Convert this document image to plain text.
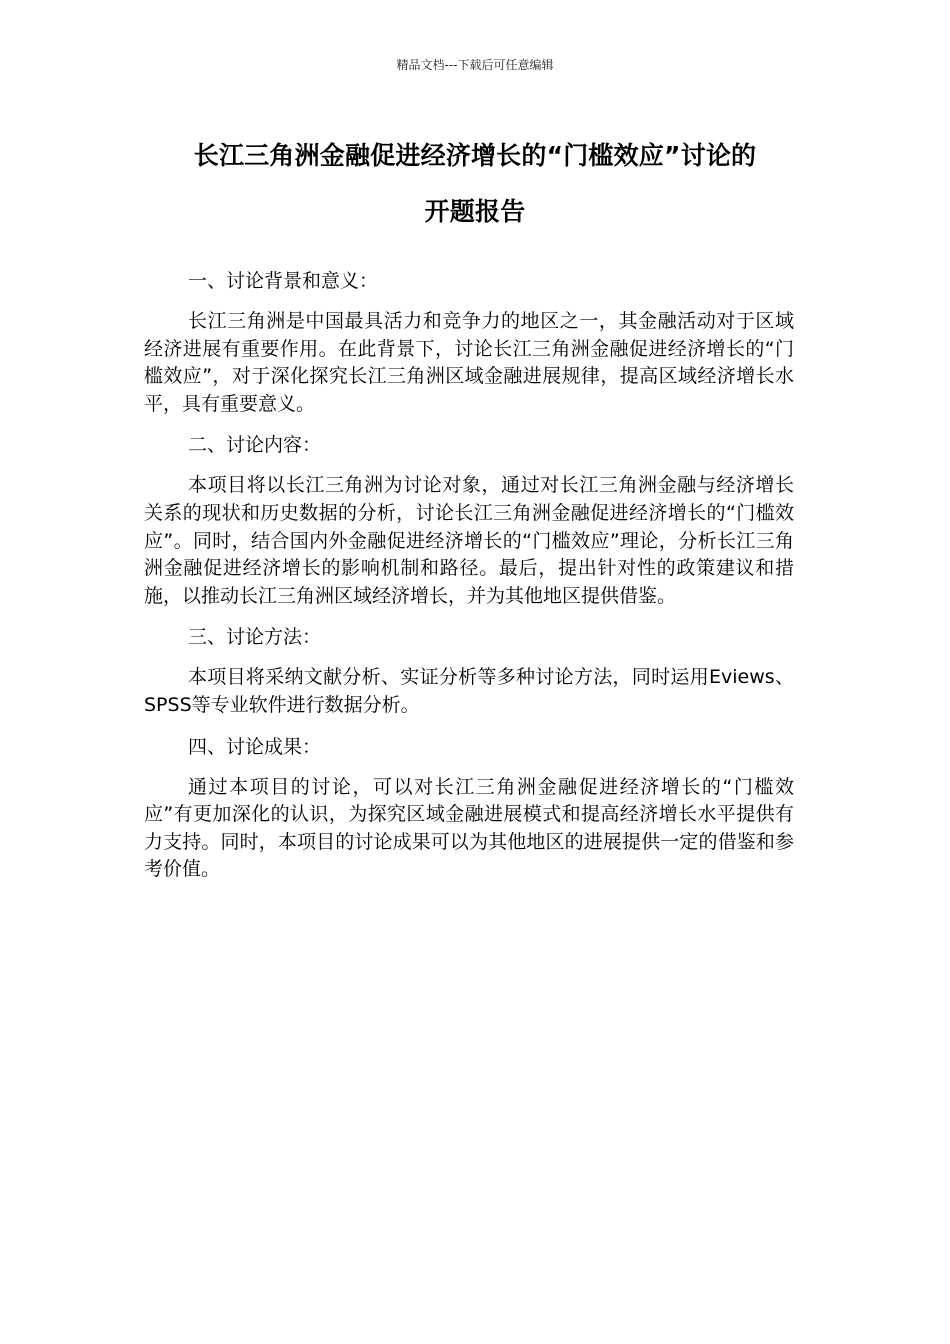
精品文档---下载后可任意编辑
长江三角洲金融促进经济增长的“门槛效应”讨论的
开题报告

一、讨论背景和意义：

长江三角洲是中国最具活力和竞争力的地区之一，其金融活动对于区域经济进展有重要作用。在此背景下，讨论长江三角洲金融促进经济增长的“门槛效应”，对于深化探究长江三角洲区域金融进展规律，提高区域经济增长水平，具有重要意义。

二、讨论内容：

本项目将以长江三角洲为讨论对象，通过对长江三角洲金融与经济增长关系的现状和历史数据的分析，讨论长江三角洲金融促进经济增长的“门槛效应”。同时，结合国内外金融促进经济增长的“门槛效应”理论，分析长江三角洲金融促进经济增长的影响机制和路径。最后，提出针对性的政策建议和措施，以推动长江三角洲区域经济增长，并为其他地区提供借鉴。

三、讨论方法：

本项目将采纳文献分析、实证分析等多种讨论方法，同时运用Eviews、SPSS等专业软件进行数据分析。

四、讨论成果：

通过本项目的讨论，可以对长江三角洲金融促进经济增长的“门槛效应”有更加深化的认识，为探究区域金融进展模式和提高经济增长水平提供有力支持。同时，本项目的讨论成果可以为其他地区的进展提供一定的借鉴和参考价值。
